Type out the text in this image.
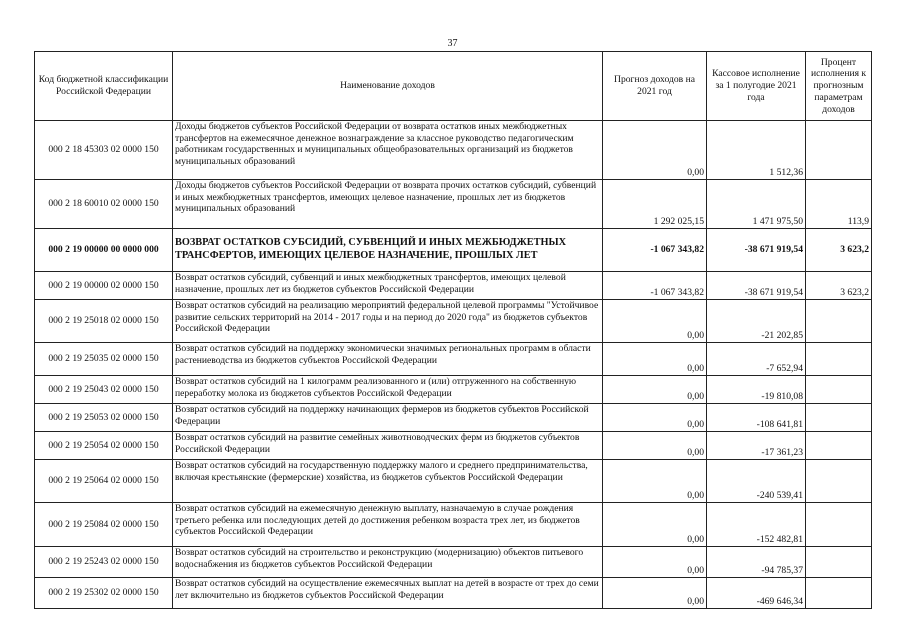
37
Код бюджетной классификации Российской Федерации	Наименование доходов	Прогноз доходов на 2021 год	Кассовое исполнение за 1 полугодие 2021 года	Процент исполнения к прогнозным параметрам доходов
000 2 18 45303 02 0000 150	Доходы бюджетов субъектов Российской Федерации от возврата остатков иных межбюджетных трансфертов на ежемесячное денежное вознаграждение за классное руководство педагогическим работникам государственных и муниципальных общеобразовательных организаций из бюджетов муниципальных образований	0,00	1 512,36	
000 2 18 60010 02 0000 150	Доходы бюджетов субъектов Российской Федерации от возврата прочих остатков субсидий, субвенций и иных межбюджетных трансфертов, имеющих целевое назначение, прошлых лет из бюджетов муниципальных образований	1 292 025,15	1 471 975,50	113,9
000 2 19 00000 00 0000 000	ВОЗВРАТ ОСТАТКОВ СУБСИДИЙ, СУБВЕНЦИЙ И ИНЫХ МЕЖБЮДЖЕТНЫХ ТРАНСФЕРТОВ, ИМЕЮЩИХ ЦЕЛЕВОЕ НАЗНАЧЕНИЕ, ПРОШЛЫХ ЛЕТ	-1 067 343,82	-38 671 919,54	3 623,2
000 2 19 00000 02 0000 150	Возврат остатков субсидий, субвенций и иных межбюджетных трансфертов, имеющих целевой назначение, прошлых лет из бюджетов субъектов Российской Федерации	-1 067 343,82	-38 671 919,54	3 623,2
000 2 19 25018 02 0000 150	Возврат остатков субсидий на реализацию мероприятий федеральной целевой программы "Устойчивое развитие сельских территорий на 2014 - 2017 годы и на период до 2020 года" из бюджетов субъектов Российской Федерации	0,00	-21 202,85	
000 2 19 25035 02 0000 150	Возврат остатков субсидий на поддержку экономически значимых региональных программ в области растениеводства из бюджетов субъектов Российской Федерации	0,00	-7 652,94	
000 2 19 25043 02 0000 150	Возврат остатков субсидий на 1 килограмм реализованного и (или) отгруженного на собственную переработку молока из бюджетов субъектов Российской Федерации	0,00	-19 810,08	
000 2 19 25053 02 0000 150	Возврат остатков субсидий на поддержку начинающих фермеров из бюджетов субъектов Российской Федерации	0,00	-108 641,81	
000 2 19 25054 02 0000 150	Возврат остатков субсидий на развитие семейных животноводческих ферм из бюджетов субъектов Российской Федерации	0,00	-17 361,23	
000 2 19 25064 02 0000 150	Возврат остатков субсидий на государственную поддержку малого и среднего предпринимательства, включая крестьянские (фермерские) хозяйства, из бюджетов субъектов Российской Федерации	0,00	-240 539,41	
000 2 19 25084 02 0000 150	Возврат остатков субсидий на ежемесячную денежную выплату, назначаемую в случае рождения третьего ребенка или последующих детей до достижения ребенком возраста трех лет, из бюджетов субъектов Российской Федерации	0,00	-152 482,81	
000 2 19 25243 02 0000 150	Возврат остатков субсидий на строительство и реконструкцию (модернизацию) объектов питьевого водоснабжения из бюджетов субъектов Российской Федерации	0,00	-94 785,37	
000 2 19 25302 02 0000 150	Возврат остатков субсидий на осуществление ежемесячных выплат на детей в возрасте от трех до семи лет включительно из бюджетов субъектов Российской Федерации	0,00	-469 646,34	
